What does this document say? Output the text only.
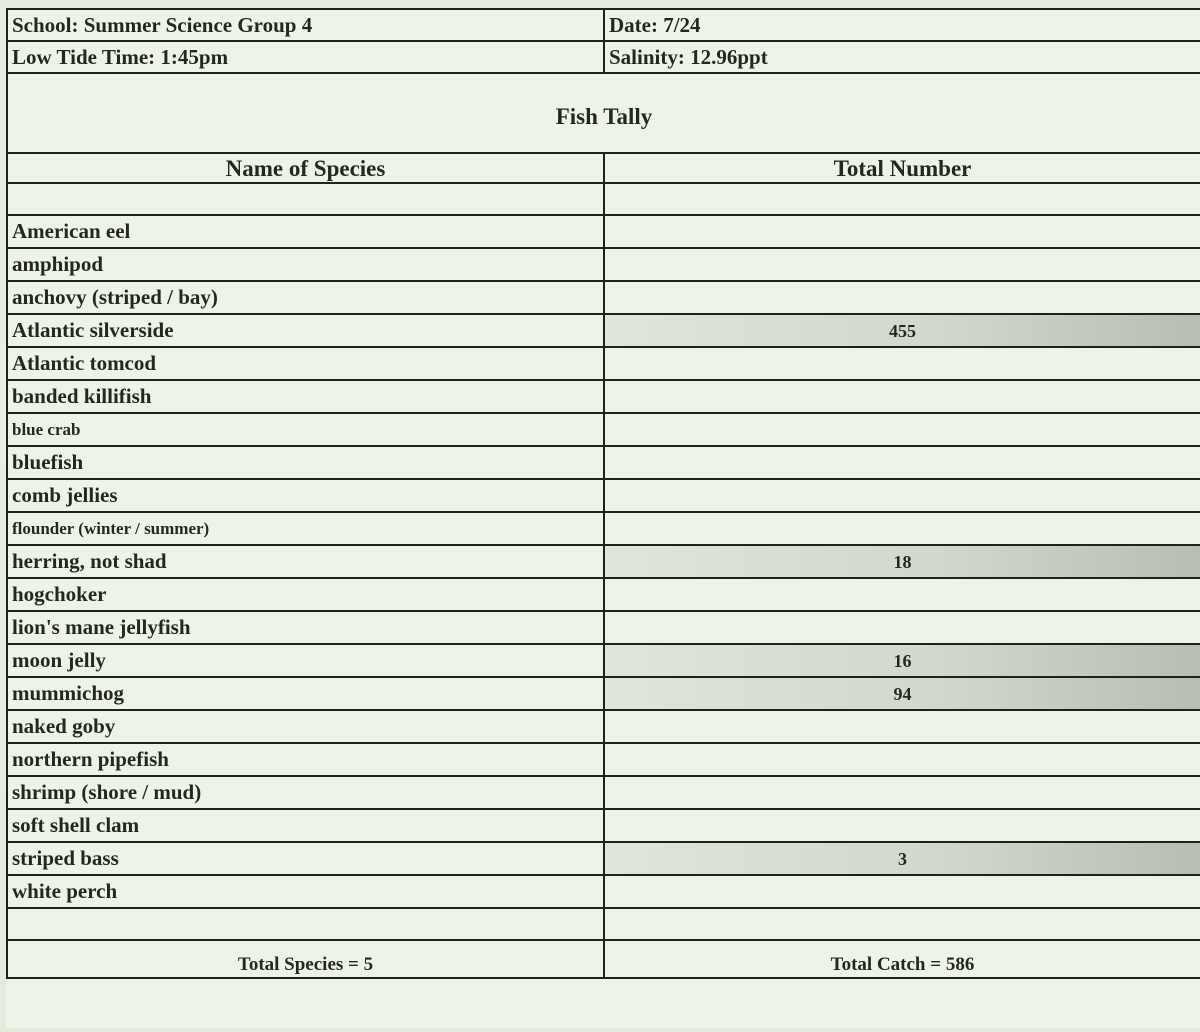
School: Summer Science Group 4	Date: 7/24
Low Tide Time: 1:45pm	Salinity: 12.96ppt
Fish Tally	
Name of Species	Total Number

American eel	
amphipod	
anchovy (striped / bay)	
Atlantic silverside	455
Atlantic tomcod	
banded killifish	
blue crab	
bluefish	
comb jellies	
flounder (winter / summer)	
herring, not shad	18
hogchoker	
lion's mane jellyfish	
moon jelly	16
mummichog	94
naked goby	
northern pipefish	
shrimp (shore / mud)	
soft shell clam	
striped bass	3
white perch	

Total Species = 5	Total Catch = 586
